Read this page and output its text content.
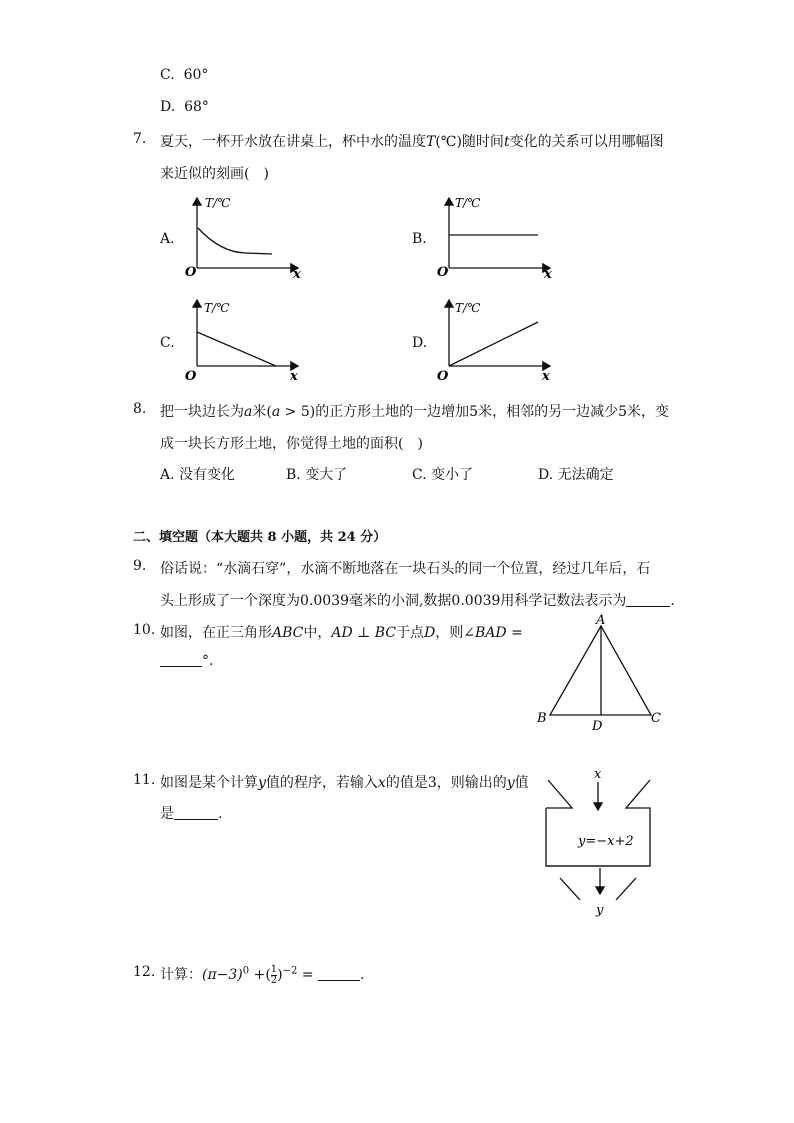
C. 60°
D. 68°
7. 夏天，一杯开水放在讲桌上，杯中水的温度T(℃)随时间t变化的关系可以用哪幅图
来近似的刻画(　)
A.	B.
C.	D.
T/℃
O	x
T/℃
O	x
T/℃
O	x
T/℃
O	x
8. 把一块边长为a米(a > 5)的正方形土地的一边增加5米，相邻的另一边减少5米，变
成一块长方形土地，你觉得土地的面积(　)
A. 没有变化	B. 变大了	C. 变小了	D. 无法确定
二、填空题（本大题共 8 小题，共 24 分）
9. 俗话说：“水滴石穿”，水滴不断地落在一块石头的同一个位置，经过几年后，石
头上形成了一个深度为0.0039毫米的小洞,数据0.0039用科学记数法表示为	.
10. 如图，在正三角形ABC中，AD ⊥ BC于点D，则∠BAD =
°.
A
B	C
D
11. 如图是某个计算y值的程序，若输入x的值是3，则输出的y值
是	.
x
y=−x+2
y
12. 计算：$(\pi-3)^0$ +( $\frac{1}{2} )^{-2}$ =	.
